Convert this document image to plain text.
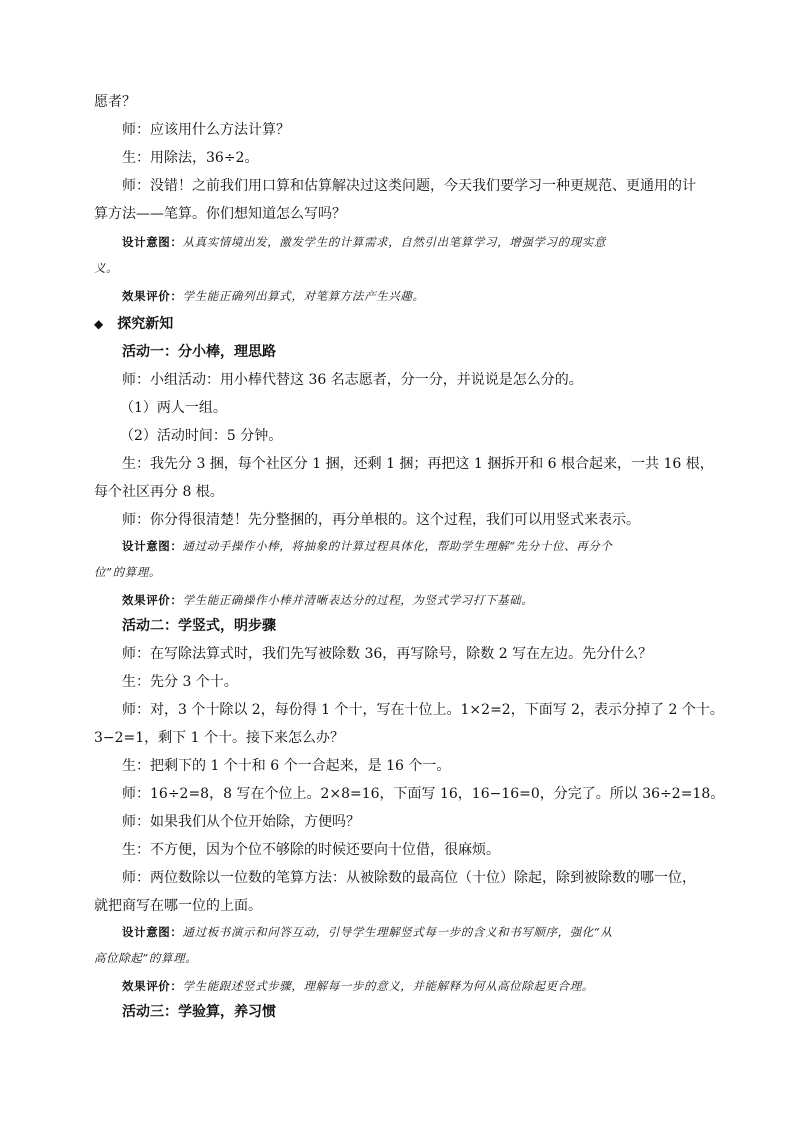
愿者？
师：应该用什么方法计算？
生：用除法，36÷2。
师：没错！之前我们用口算和估算解决过这类问题，今天我们要学习一种更规范、更通用的计
算方法——笔算。你们想知道怎么写吗？
设计意图：从真实情境出发，激发学生的计算需求，自然引出笔算学习，增强学习的现实意
义。
效果评价：学生能正确列出算式，对笔算方法产生兴趣。
◆ 探究新知
活动一：分小棒，理思路
师：小组活动：用小棒代替这 36 名志愿者，分一分，并说说是怎么分的。
（1）两人一组。
（2）活动时间：5 分钟。
生：我先分 3 捆，每个社区分 1 捆，还剩 1 捆；再把这 1 捆拆开和 6 根合起来，一共 16 根，
每个社区再分 8 根。
师：你分得很清楚！先分整捆的，再分单根的。这个过程，我们可以用竖式来表示。
设计意图：通过动手操作小棒，将抽象的计算过程具体化，帮助学生理解“先分十位、再分个
位”的算理。
效果评价：学生能正确操作小棒并清晰表达分的过程，为竖式学习打下基础。
活动二：学竖式，明步骤
师：在写除法算式时，我们先写被除数 36，再写除号，除数 2 写在左边。先分什么？
生：先分 3 个十。
师：对，3 个十除以 2，每份得 1 个十，写在十位上。1×2=2，下面写 2，表示分掉了 2 个十。
3−2=1，剩下 1 个十。接下来怎么办？
生：把剩下的 1 个十和 6 个一合起来，是 16 个一。
师：16÷2=8，8 写在个位上。2×8=16，下面写 16，16−16=0，分完了。所以 36÷2=18。
师：如果我们从个位开始除，方便吗？
生：不方便，因为个位不够除的时候还要向十位借，很麻烦。
师：两位数除以一位数的笔算方法：从被除数的最高位（十位）除起，除到被除数的哪一位，
就把商写在哪一位的上面。
设计意图：通过板书演示和问答互动，引导学生理解竖式每一步的含义和书写顺序，强化“从
高位除起”的算理。
效果评价：学生能跟述竖式步骤，理解每一步的意义，并能解释为何从高位除起更合理。
活动三：学验算，养习惯
